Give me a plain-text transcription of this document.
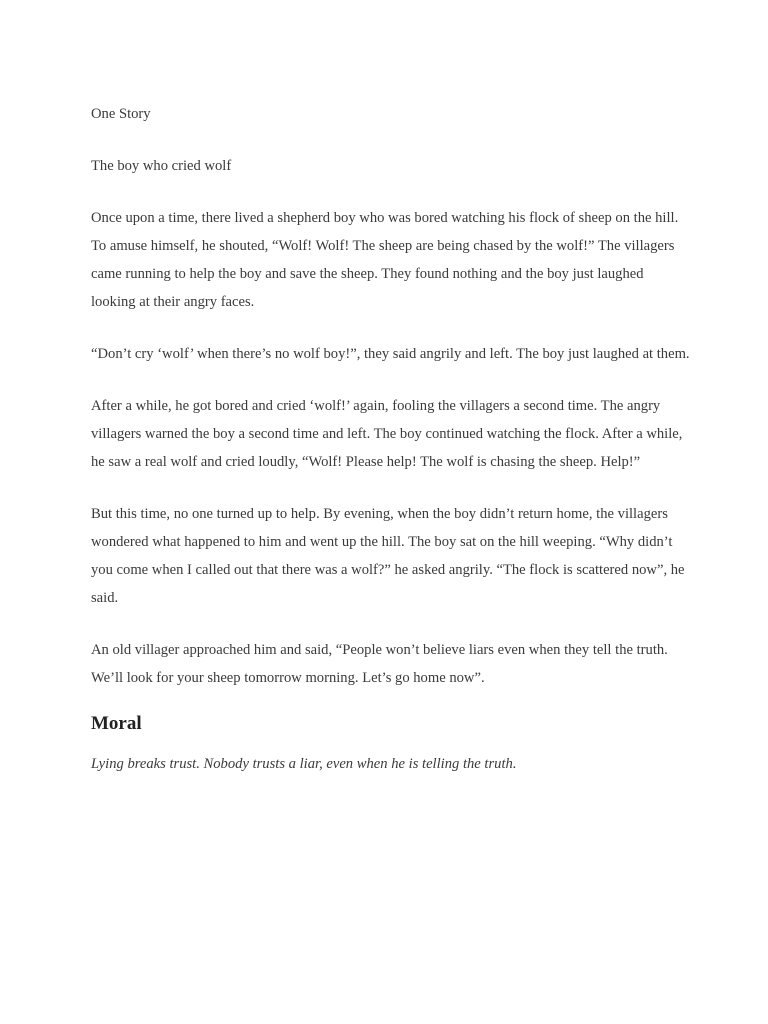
One Story

The boy who cried wolf

Once upon a time, there lived a shepherd boy who was bored watching his flock of sheep on the hill. To amuse himself, he shouted, “Wolf! Wolf! The sheep are being chased by the wolf!” The villagers came running to help the boy and save the sheep. They found nothing and the boy just laughed looking at their angry faces.

“Don’t cry ‘wolf’ when there’s no wolf boy!”, they said angrily and left. The boy just laughed at them.

After a while, he got bored and cried ‘wolf!’ again, fooling the villagers a second time. The angry villagers warned the boy a second time and left. The boy continued watching the flock. After a while, he saw a real wolf and cried loudly, “Wolf! Please help! The wolf is chasing the sheep. Help!”

But this time, no one turned up to help. By evening, when the boy didn’t return home, the villagers wondered what happened to him and went up the hill. The boy sat on the hill weeping. “Why didn’t you come when I called out that there was a wolf?” he asked angrily. “The flock is scattered now”, he said.

An old villager approached him and said, “People won’t believe liars even when they tell the truth. We’ll look for your sheep tomorrow morning. Let’s go home now”.

Moral

Lying breaks trust. Nobody trusts a liar, even when he is telling the truth.
